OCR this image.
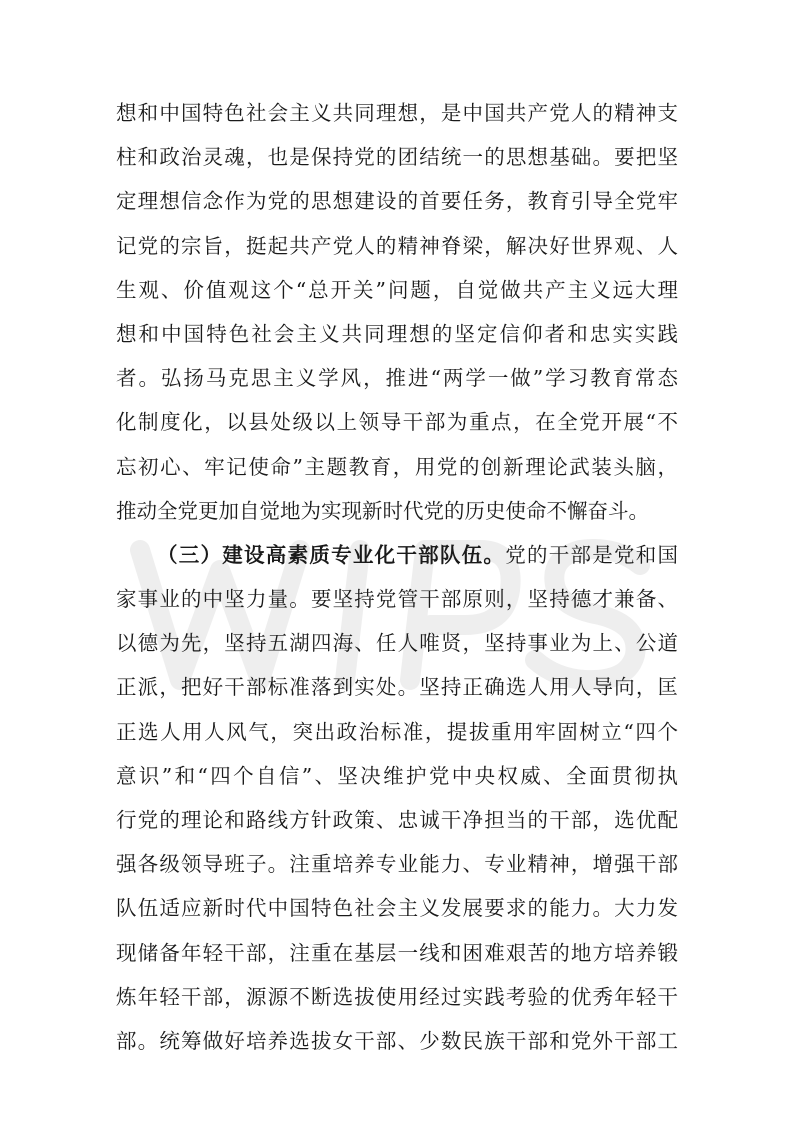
想和中国特色社会主义共同理想，是中国共产党人的精神支
柱和政治灵魂，也是保持党的团结统一的思想基础。要把坚
定理想信念作为党的思想建设的首要任务，教育引导全党牢
记党的宗旨，挺起共产党人的精神脊梁，解决好世界观、人
生观、价值观这个“总开关”问题，自觉做共产主义远大理
想和中国特色社会主义共同理想的坚定信仰者和忠实实践
者。弘扬马克思主义学风，推进“两学一做”学习教育常态
化制度化，以县处级以上领导干部为重点，在全党开展“不
忘初心、牢记使命”主题教育，用党的创新理论武装头脑，
推动全党更加自觉地为实现新时代党的历史使命不懈奋斗。
（三）建设高素质专业化干部队伍。党的干部是党和国
家事业的中坚力量。要坚持党管干部原则，坚持德才兼备、
以德为先，坚持五湖四海、任人唯贤，坚持事业为上、公道
正派，把好干部标准落到实处。坚持正确选人用人导向，匡
正选人用人风气，突出政治标准，提拔重用牢固树立“四个
意识”和“四个自信”、坚决维护党中央权威、全面贯彻执
行党的理论和路线方针政策、忠诚干净担当的干部，选优配
强各级领导班子。注重培养专业能力、专业精神，增强干部
队伍适应新时代中国特色社会主义发展要求的能力。大力发
现储备年轻干部，注重在基层一线和困难艰苦的地方培养锻
炼年轻干部，源源不断选拔使用经过实践考验的优秀年轻干
部。统筹做好培养选拔女干部、少数民族干部和党外干部工
